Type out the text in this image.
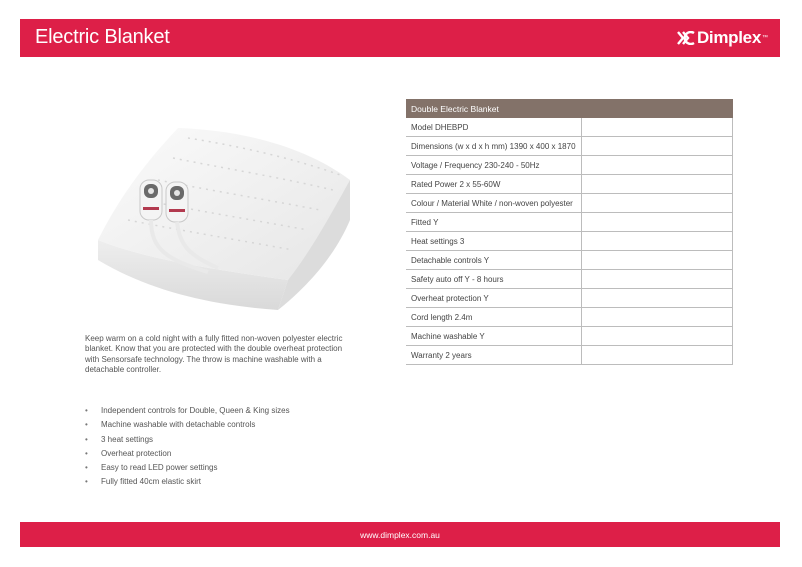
Electric Blanket	Dimplex ™

Keep warm on a cold night with a fully fitted non-woven polyester electric blanket. Know that you are protected with the double overheat protection with Sensorsafe technology. The throw is machine washable with a detachable controller.

• Independent controls for Double, Queen & King sizes
• Machine washable with detachable controls
• 3 heat settings
• Overheat protection
• Easy to read LED power settings
• Fully fitted 40cm elastic skirt
Double Electric Blanket	
Model DHEBPD	
Dimensions (w x d x h mm) 1390 x 400 x 1870	
Voltage / Frequency 230-240 - 50Hz	
Rated Power 2 x 55-60W	
Colour / Material White / non-woven polyester	
Fitted Y	
Heat settings 3	
Detachable controls Y	
Safety auto off Y - 8 hours	
Overheat protection Y	
Cord length 2.4m	
Machine washable Y	
Warranty 2 years	
www.dimplex.com.au
